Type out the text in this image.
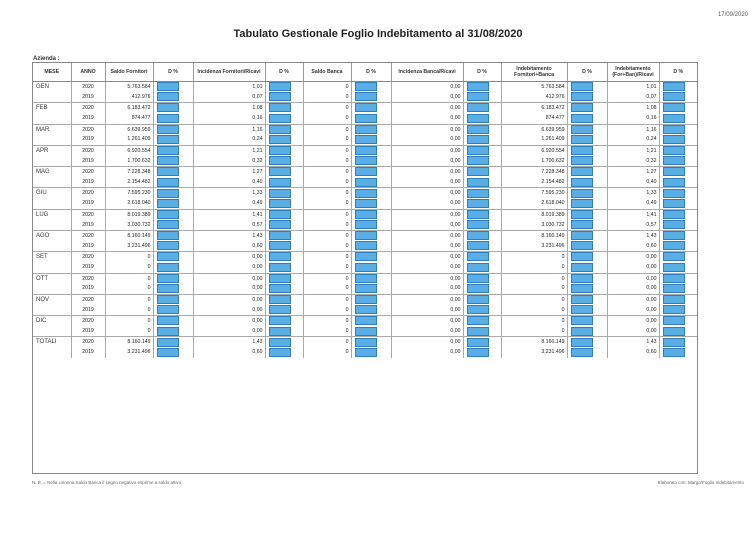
17/09/2020
Tabulato Gestionale Foglio Indebitamento al 31/08/2020
Azienda :
MESE	ANNO	Saldo Fornitori	D %	Incidenza Fornitori/Ricavi	D %	Saldo Banca	D %	Incidenza Banca/Ricavi	D %	Indebitamento Fornitori+Banca	D %	Indebitamento (For+Ban)/Ricavi	D %
GEN	2020	5.763.584		1,01		0		0,00		5.763.584		1,01	
	2019	412.976		0,07		0		0,00		412.976		0,07	
FEB	2020	6.183.472		1,08		0		0,00		6.183.472		1,08	
	2019	874.477		0,16		0		0,00		874.477		0,16	
MAR	2020	6.639.959		1,16		0		0,00		6.639.959		1,16	
	2019	1.261.409		0,24		0		0,00		1.261.409		0,24	
APR	2020	6.920.554		1,21		0		0,00		6.920.554		1,21	
	2019	1.700.632		0,32		0		0,00		1.700.632		0,32	
MAG	2020	7.228.348		1,27		0		0,00		7.228.348		1,27	
	2019	2.154.482		0,40		0		0,00		2.154.482		0,40	
GIU	2020	7.595.230		1,33		0		0,00		7.595.230		1,33	
	2019	2.618.040		0,49		0		0,00		2.618.040		0,49	
LUG	2020	8.019.389		1,41		0		0,00		8.019.389		1,41	
	2019	3.030.732		0,57		0		0,00		3.030.732		0,57	
AGO	2020	8.160.149		1,43		0		0,00		8.160.149		1,43	
	2019	3.231.496		0,60		0		0,00		3.231.496		0,60	
SET	2020	0		0,00		0		0,00		0		0,00	
	2019	0		0,00		0		0,00		0		0,00	
OTT	2020	0		0,00		0		0,00		0		0,00	
	2019	0		0,00		0		0,00		0		0,00	
NOV	2020	0		0,00		0		0,00		0		0,00	
	2019	0		0,00		0		0,00		0		0,00	
DIC	2020	0		0,00		0		0,00		0		0,00	
	2019	0		0,00		0		0,00		0		0,00	
TOTALI	2020	8.160.149		1,43		0		0,00		8.160.149		1,43	
	2019	3.231.496		0,60		0		0,00		3.231.496		0,60	
N. B. = Nella colonna Saldo Banca il segno negativo esprime a saldo attivo.	Elaborato con: Margo/Foglio Indebitamento
